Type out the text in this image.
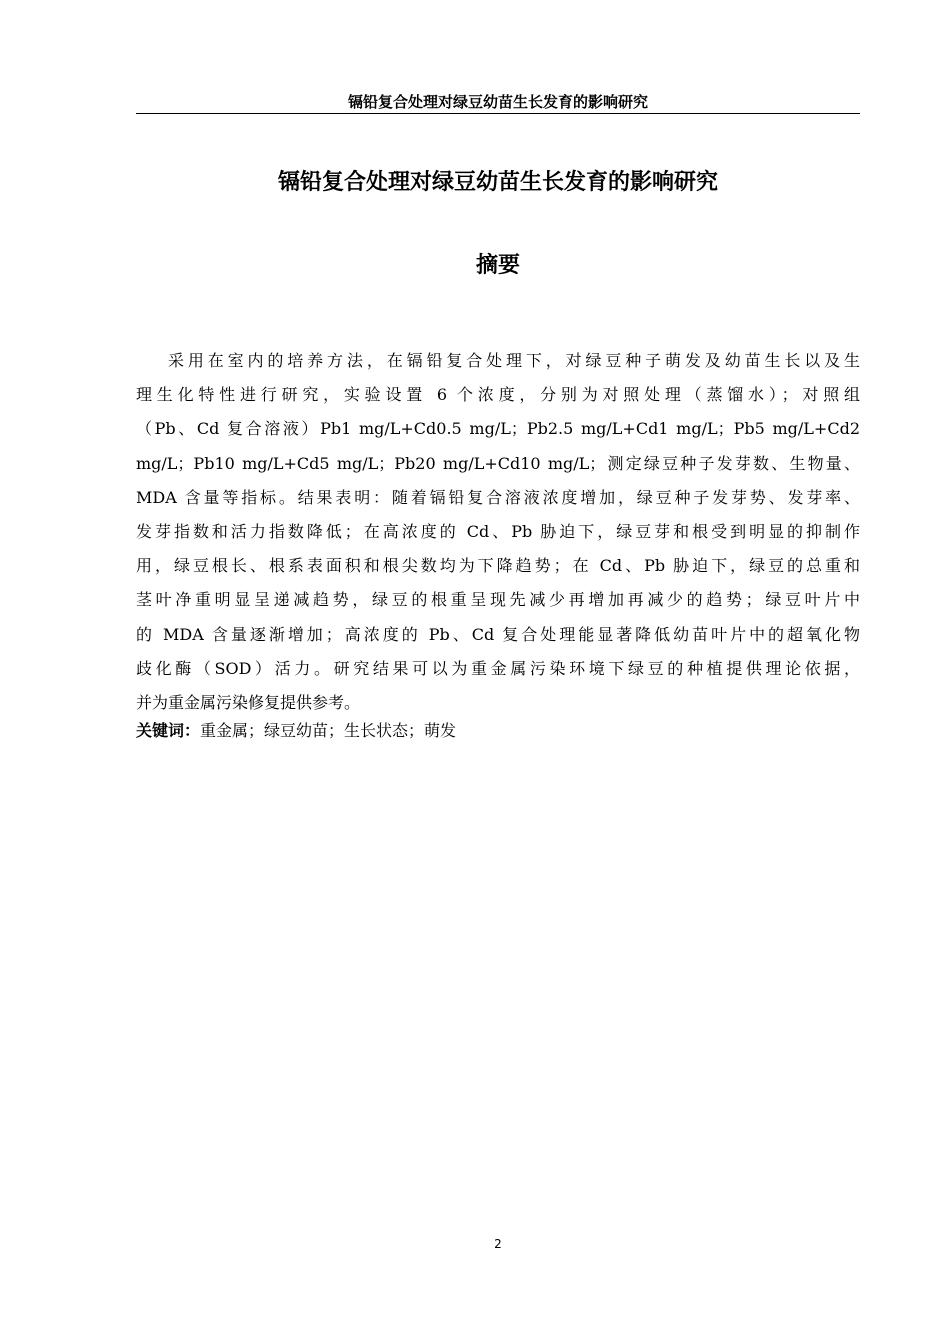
镉铅复合处理对绿豆幼苗生长发育的影响研究
镉铅复合处理对绿豆幼苗生长发育的影响研究
摘要
采用在室内的培养方法，在镉铅复合处理下，对绿豆种子萌发及幼苗生长以及生
理生化特性进行研究，实验设置 6 个浓度，分别为对照处理（蒸馏水）；对照组
（Pb、Cd 复合溶液）Pb1 mg/L+Cd0.5 mg/L；Pb2.5 mg/L+Cd1 mg/L；Pb5 mg/L+Cd2
mg/L；Pb10 mg/L+Cd5 mg/L；Pb20 mg/L+Cd10 mg/L；测定绿豆种子发芽数、生物量、
MDA 含量等指标。结果表明：随着镉铅复合溶液浓度增加，绿豆种子发芽势、发芽率、
发芽指数和活力指数降低；在高浓度的 Cd、Pb 胁迫下，绿豆芽和根受到明显的抑制作
用，绿豆根长、根系表面积和根尖数均为下降趋势；在 Cd、Pb 胁迫下，绿豆的总重和
茎叶净重明显呈递减趋势，绿豆的根重呈现先减少再增加再减少的趋势；绿豆叶片中
的 MDA 含量逐渐增加；高浓度的 Pb、Cd 复合处理能显著降低幼苗叶片中的超氧化物
歧化酶（SOD）活力。研究结果可以为重金属污染环境下绿豆的种植提供理论依据，
并为重金属污染修复提供参考。
关键词：重金属；绿豆幼苗；生长状态；萌发
2
